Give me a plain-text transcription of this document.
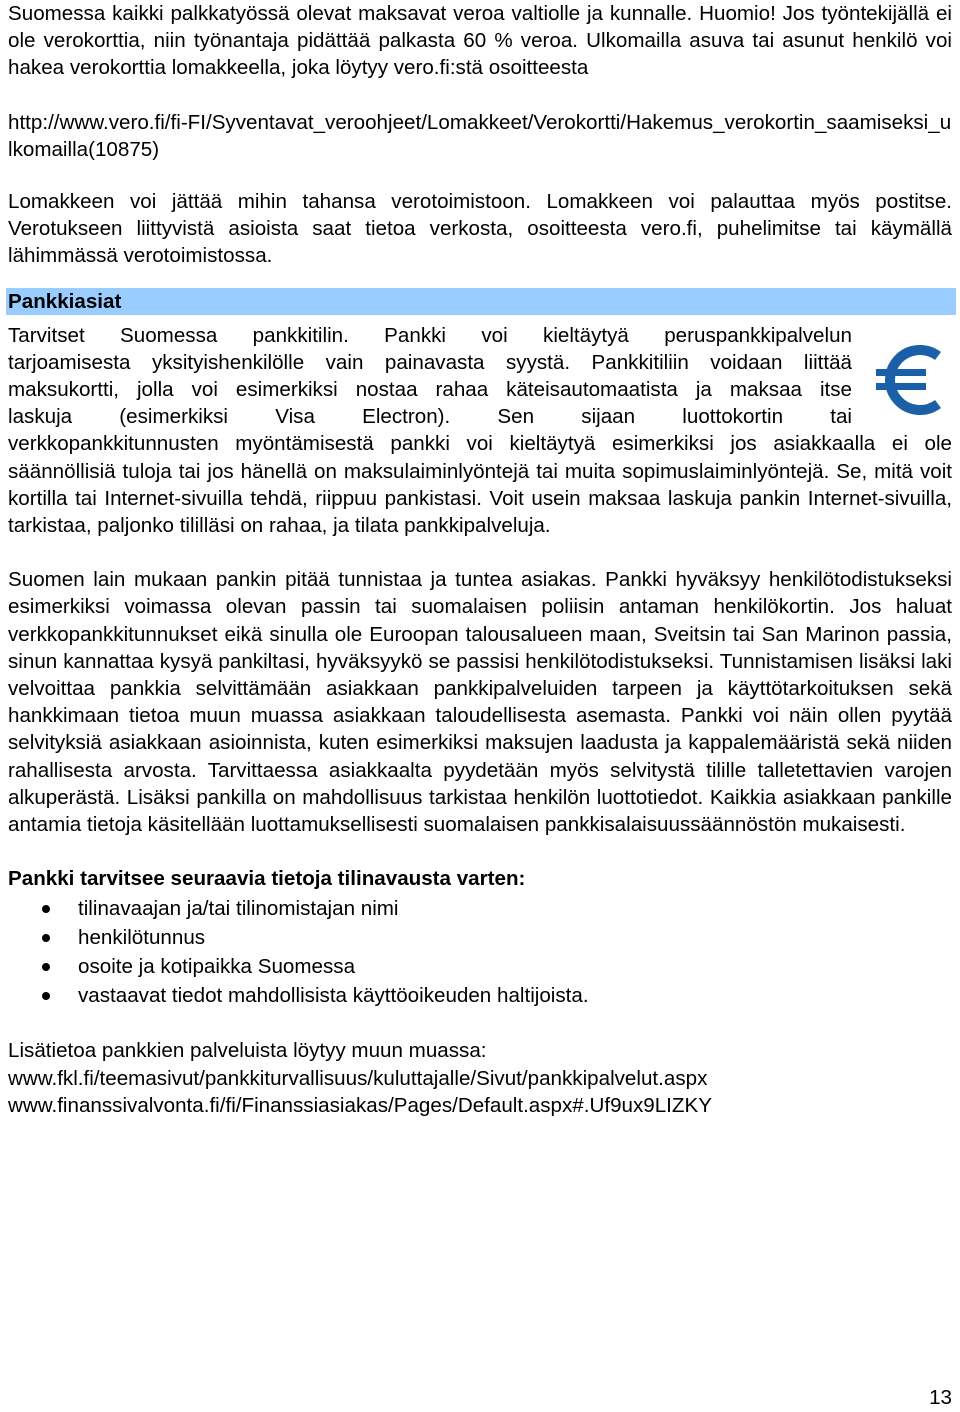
Suomessa kaikki palkkatyössä olevat maksavat veroa valtiolle ja kunnalle. Huomio! Jos työntekijällä ei ole verokorttia, niin työnantaja pidättää palkasta 60 % veroa. Ulkomailla asuva tai asunut henkilö voi hakea verokorttia lomakkeella, joka löytyy vero.fi:stä osoitteesta

http://www.vero.fi/fi-FI/Syventavat_veroohjeet/Lomakkeet/Verokortti/Hakemus_verokortin_saamiseksi_ulkomailla(10875)

Lomakkeen voi jättää mihin tahansa verotoimistoon. Lomakkeen voi palauttaa myös postitse. Verotukseen liittyvistä asioista saat tietoa verkosta, osoitteesta vero.fi, puhelimitse tai käymällä lähimmässä verotoimistossa.

Pankkiasiat

Tarvitset Suomessa pankkitilin. Pankki voi kieltäytyä peruspankkipalvelun
tarjoamisesta yksityishenkilölle vain painavasta syystä. Pankkitiliin voidaan liittää
maksukortti, jolla voi esimerkiksi nostaa rahaa käteisautomaatista ja maksaa itse
laskuja (esimerkiksi Visa Electron). Sen sijaan luottokortin tai

verkkopankkitunnusten myöntämisestä pankki voi kieltäytyä esimerkiksi jos asiakkaalla ei ole säännöllisiä tuloja tai jos hänellä on maksulaiminlyöntejä tai muita sopimuslaiminlyöntejä. Se, mitä voit kortilla tai Internet-sivuilla tehdä, riippuu pankistasi. Voit usein maksaa laskuja pankin Internet-sivuilla, tarkistaa, paljonko tililläsi on rahaa, ja tilata pankkipalveluja.

Suomen lain mukaan pankin pitää tunnistaa ja tuntea asiakas. Pankki hyväksyy henkilötodistukseksi esimerkiksi voimassa olevan passin tai suomalaisen poliisin antaman henkilökortin. Jos haluat verkkopankkitunnukset eikä sinulla ole Euroopan talousalueen maan, Sveitsin tai San Marinon passia, sinun kannattaa kysyä pankiltasi, hyväksyykö se passisi henkilötodistukseksi. Tunnistamisen lisäksi laki velvoittaa pankkia selvittämään asiakkaan pankkipalveluiden tarpeen ja käyttötarkoituksen sekä hankkimaan tietoa muun muassa asiakkaan taloudellisesta asemasta. Pankki voi näin ollen pyytää selvityksiä asiakkaan asioinnista, kuten esimerkiksi maksujen laadusta ja kappalemääristä sekä niiden rahallisesta arvosta. Tarvittaessa asiakkaalta pyydetään myös selvitystä tilille talletettavien varojen alkuperästä. Lisäksi pankilla on mahdollisuus tarkistaa henkilön luottotiedot. Kaikkia asiakkaan pankille antamia tietoja käsitellään luottamuksellisesti suomalaisen pankkisalaisuussäännöstön mukaisesti.

Pankki tarvitsee seuraavia tietoja tilinavausta varten:
tilinavaajan ja/tai tilinomistajan nimi
henkilötunnus
osoite ja kotipaikka Suomessa
vastaavat tiedot mahdollisista käyttöoikeuden haltijoista.

Lisätietoa pankkien palveluista löytyy muun muassa:
www.fkl.fi/teemasivut/pankkiturvallisuus/kuluttajalle/Sivut/pankkipalvelut.aspx
www.finanssivalvonta.fi/fi/Finanssiasiakas/Pages/Default.aspx#.Uf9ux9LIZKY

13
